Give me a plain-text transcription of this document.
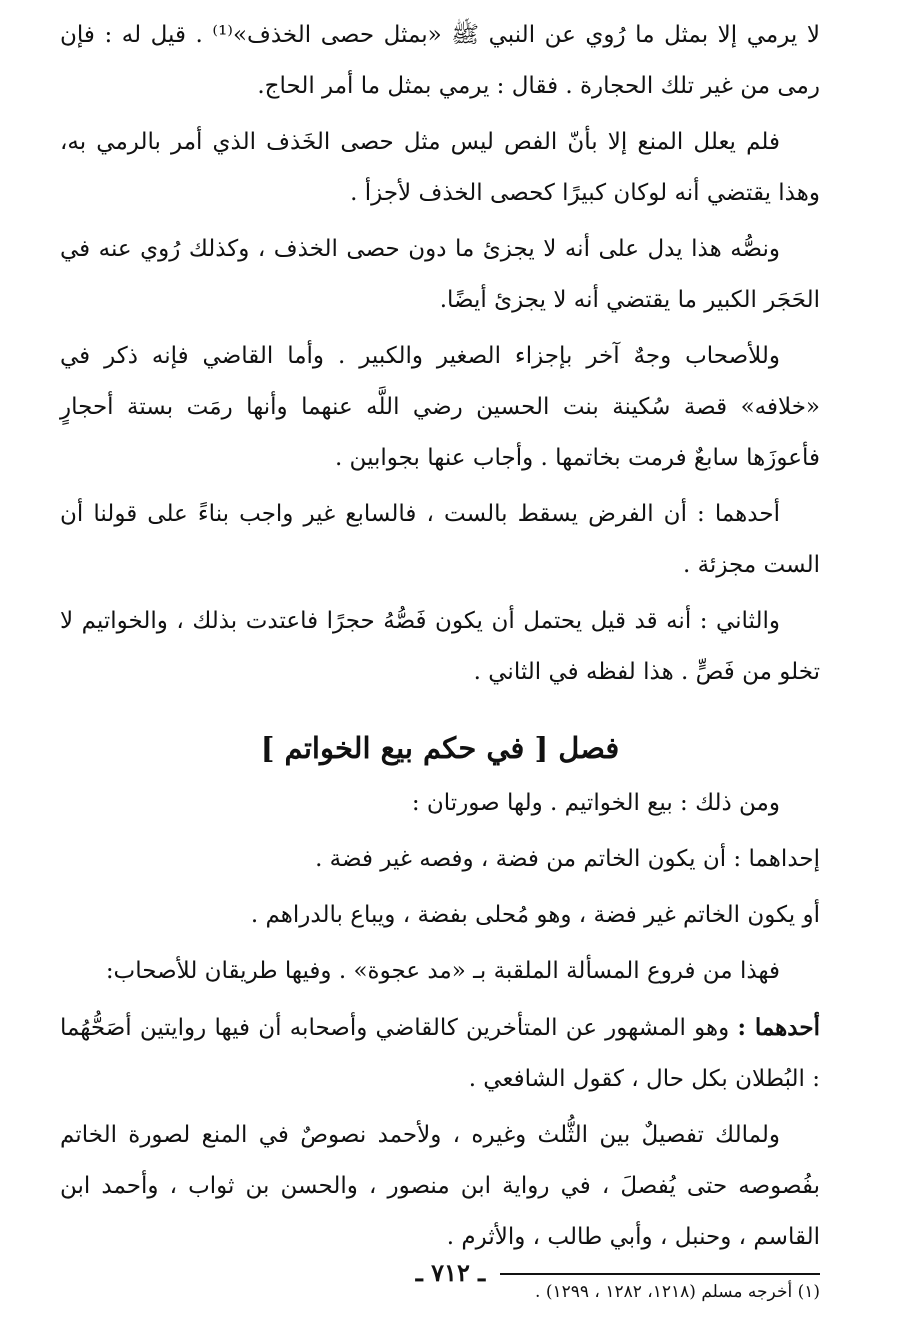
لا يرمي إلا بمثل ما رُوي عن النبي ﷺ «بمثل حصى الخذف»⁽¹⁾ . قيل له : فإن رمى من غير تلك الحجارة . فقال : يرمي بمثل ما أمر الحاج.

فلم يعلل المنع إلا بأنّ الفص ليس مثل حصى الخَذف الذي أمر بالرمي به، وهذا يقتضي أنه لوكان كبيرًا كحصى الخذف لأجزأ .

ونصُّه هذا يدل على أنه لا يجزئ ما دون حصى الخذف ، وكذلك رُوي عنه في الحَجَر الكبير ما يقتضي أنه لا يجزئ أيضًا.

وللأصحاب وجهٌ آخر بإجزاء الصغير والكبير . وأما القاضي فإنه ذكر في «خلافه» قصة سُكينة بنت الحسين رضي اللَّه عنهما وأنها رمَت بستة أحجارٍ فأعوزَها سابعٌ فرمت بخاتمها . وأجاب عنها بجوابين .

أحدهما : أن الفرض يسقط بالست ، فالسابع غير واجب بناءً على قولنا أن الست مجزئة .

والثاني : أنه قد قيل يحتمل أن يكون فَصُّهُ حجرًا فاعتدت بذلك ، والخواتيم لا تخلو من فَصٍّ . هذا لفظه في الثاني .

فصل [ في حكم بيع الخواتم ]

ومن ذلك : بيع الخواتيم . ولها صورتان :

إحداهما : أن يكون الخاتم من فضة ، وفصه غير فضة .

أو يكون الخاتم غير فضة ، وهو مُحلى بفضة ، ويباع بالدراهم .

فهذا من فروع المسألة الملقبة بـ «مد عجوة» . وفيها طريقان للأصحاب:

أحدهما : وهو المشهور عن المتأخرين كالقاضي وأصحابه أن فيها روايتين أصَحُّهُما : البُطلان بكل حال ، كقول الشافعي .

ولمالك تفصيلٌ بين الثُّلث وغيره ، ولأحمد نصوصٌ في المنع لصورة الخاتم بفُصوصه حتى يُفصلَ ، في رواية ابن منصور ، والحسن بن ثواب ، وأحمد ابن القاسم ، وحنبل ، وأبي طالب ، والأثرم .

(١) أخرجه مسلم (١٢١٨، ١٢٨٢ ، ١٢٩٩) .

ـ ٧١٢ ـ
